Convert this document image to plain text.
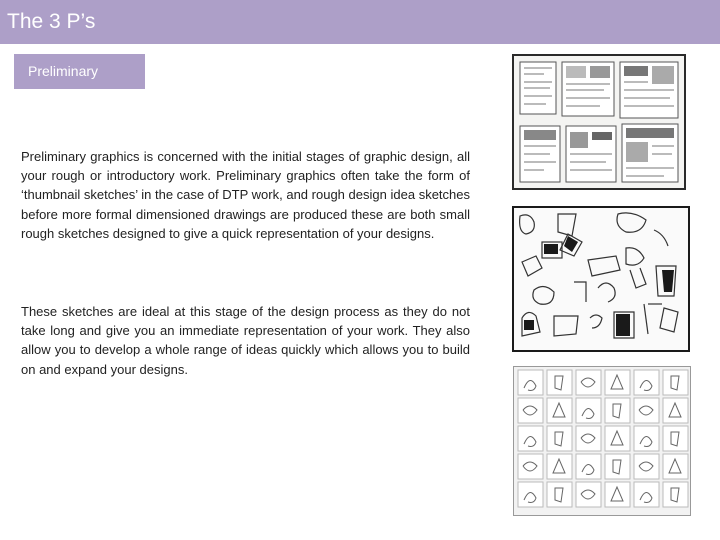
The 3 P’s
Preliminary

Preliminary graphics is concerned with the initial stages of graphic design, all your rough or introductory work. Preliminary graphics often take the form of ‘thumbnail sketches’ in the case of DTP work, and rough design idea sketches before more formal dimensioned drawings are produced these are both small rough sketches designed to give a quick representation of your designs.

These sketches are ideal at this stage of the design process as they do not take long and give you an immediate representation of your work. They also allow you to develop a whole range of ideas quickly which allows you to build on and expand your designs.
